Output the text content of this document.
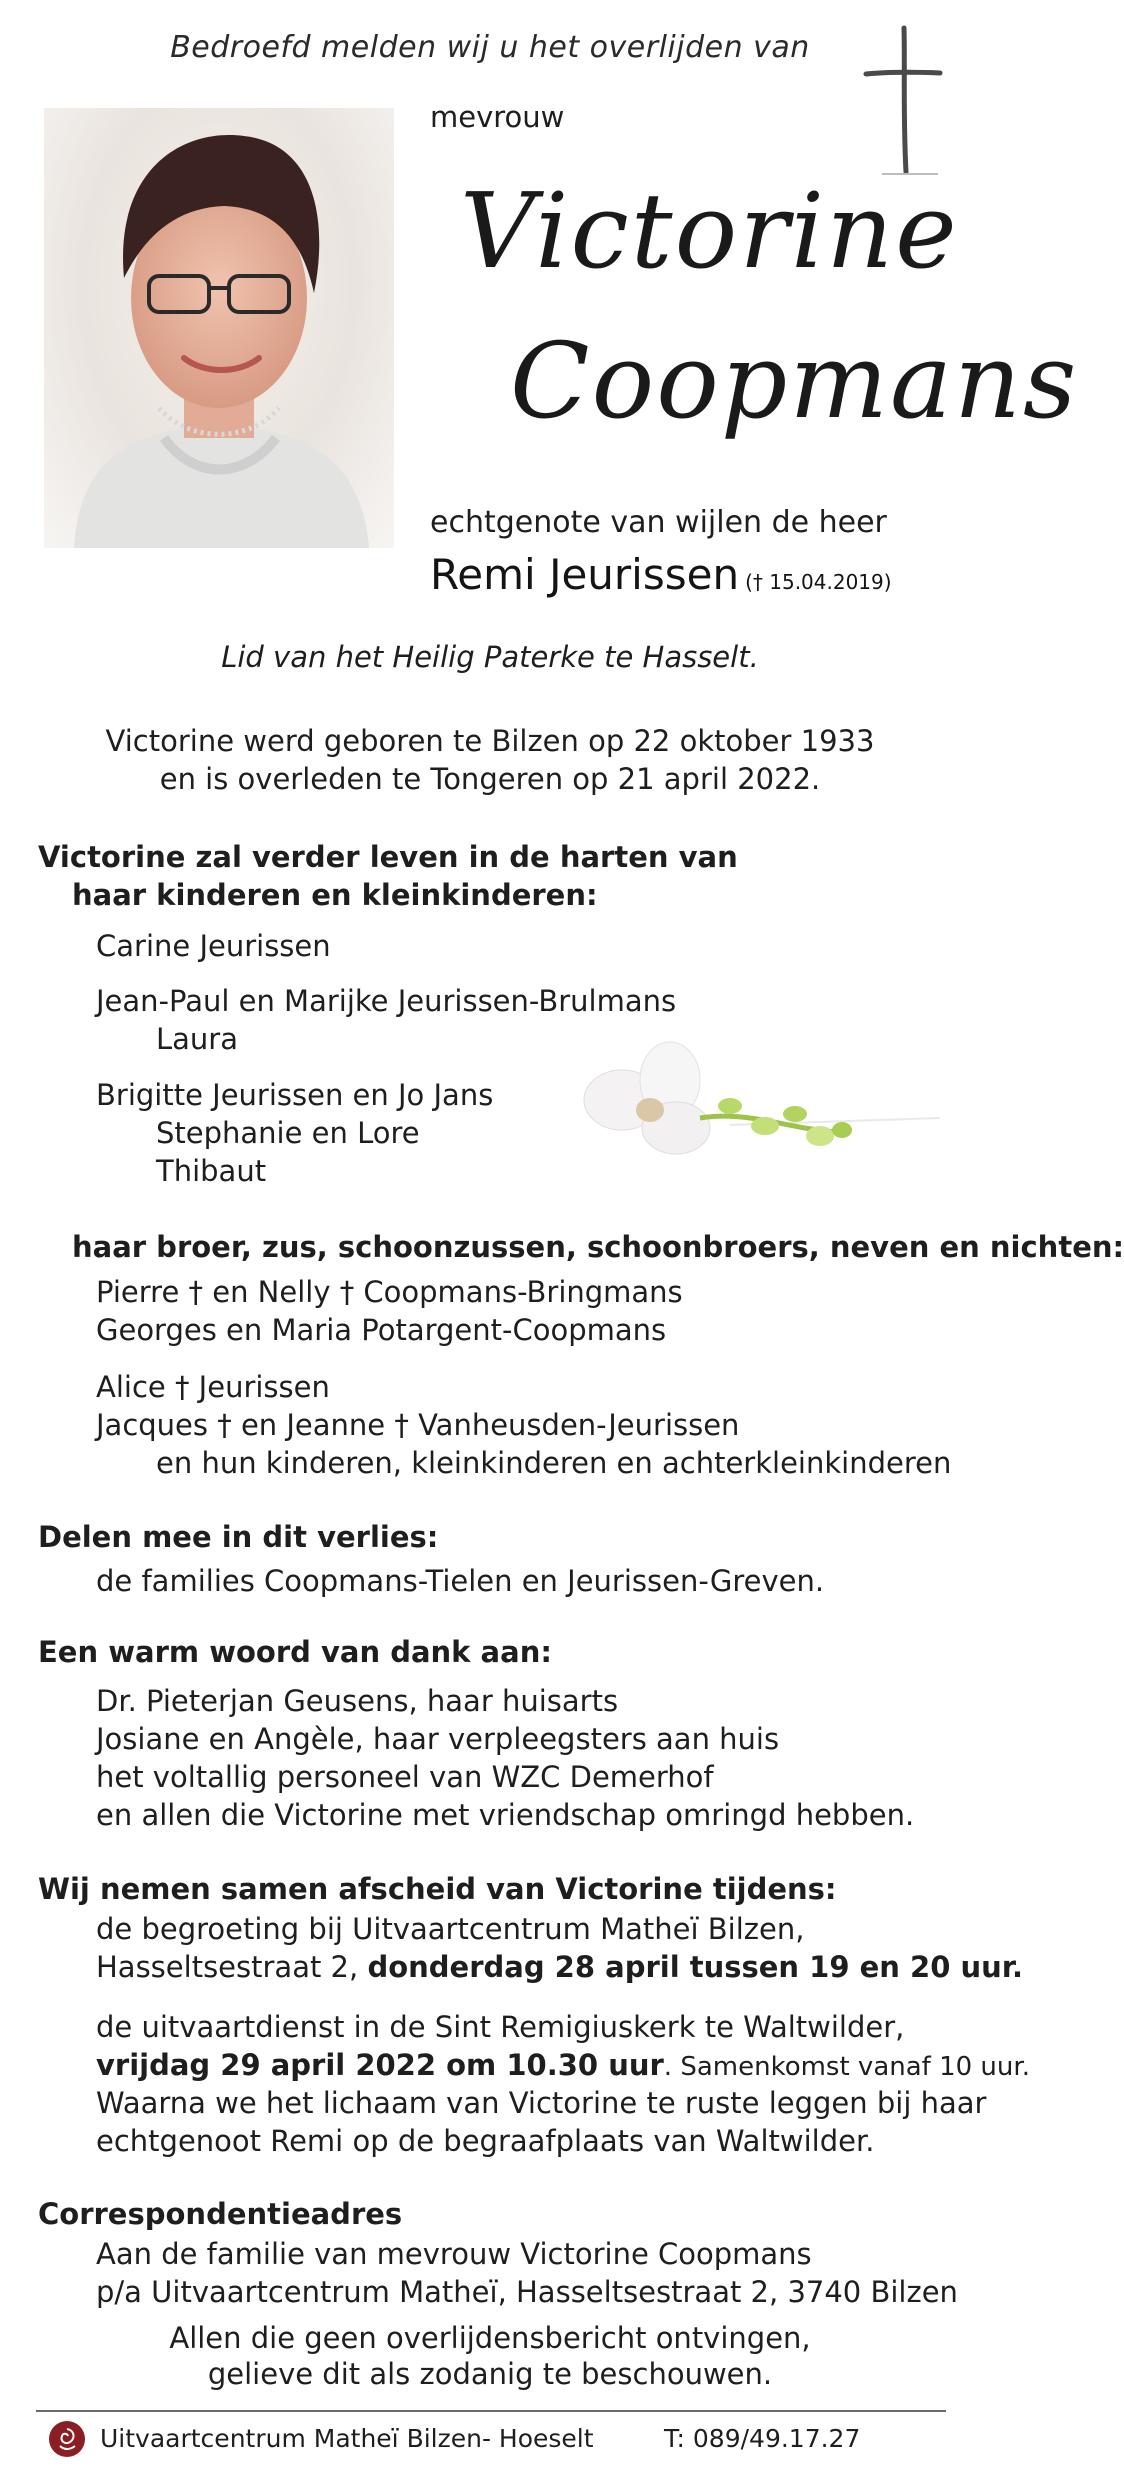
Bedroefd melden wij u het overlijden van
mevrouw
Victorine
Coopmans
echtgenote van wijlen de heer
Remi Jeurissen († 15.04.2019)
Lid van het Heilig Paterke te Hasselt.
Victorine werd geboren te Bilzen op 22 oktober 1933
en is overleden te Tongeren op 21 april 2022.
Victorine zal verder leven in de harten van
haar kinderen en kleinkinderen:
Carine Jeurissen
Jean-Paul en Marijke Jeurissen-Brulmans
Laura
Brigitte Jeurissen en Jo Jans
Stephanie en Lore
Thibaut
haar broer, zus, schoonzussen, schoonbroers, neven en nichten:
Pierre † en Nelly † Coopmans-Bringmans
Georges en Maria Potargent-Coopmans
Alice † Jeurissen
Jacques † en Jeanne † Vanheusden-Jeurissen
en hun kinderen, kleinkinderen en achterkleinkinderen
Delen mee in dit verlies:
de families Coopmans-Tielen en Jeurissen-Greven.
Een warm woord van dank aan:
Dr. Pieterjan Geusens, haar huisarts
Josiane en Angèle, haar verpleegsters aan huis
het voltallig personeel van WZC Demerhof
en allen die Victorine met vriendschap omringd hebben.
Wij nemen samen afscheid van Victorine tijdens:
de begroeting bij Uitvaartcentrum Matheï Bilzen,
Hasseltsestraat 2, donderdag 28 april tussen 19 en 20 uur.
de uitvaartdienst in de Sint Remigiuskerk te Waltwilder,
vrijdag 29 april 2022 om 10.30 uur. Samenkomst vanaf 10 uur.
Waarna we het lichaam van Victorine te ruste leggen bij haar
echtgenoot Remi op de begraafplaats van Waltwilder.
Correspondentieadres
Aan de familie van mevrouw Victorine Coopmans
p/a Uitvaartcentrum Matheï, Hasseltsestraat 2, 3740 Bilzen
Allen die geen overlijdensbericht ontvingen,
gelieve dit als zodanig te beschouwen.
Uitvaartcentrum Matheï Bilzen- Hoeselt	T: 089/49.17.27
